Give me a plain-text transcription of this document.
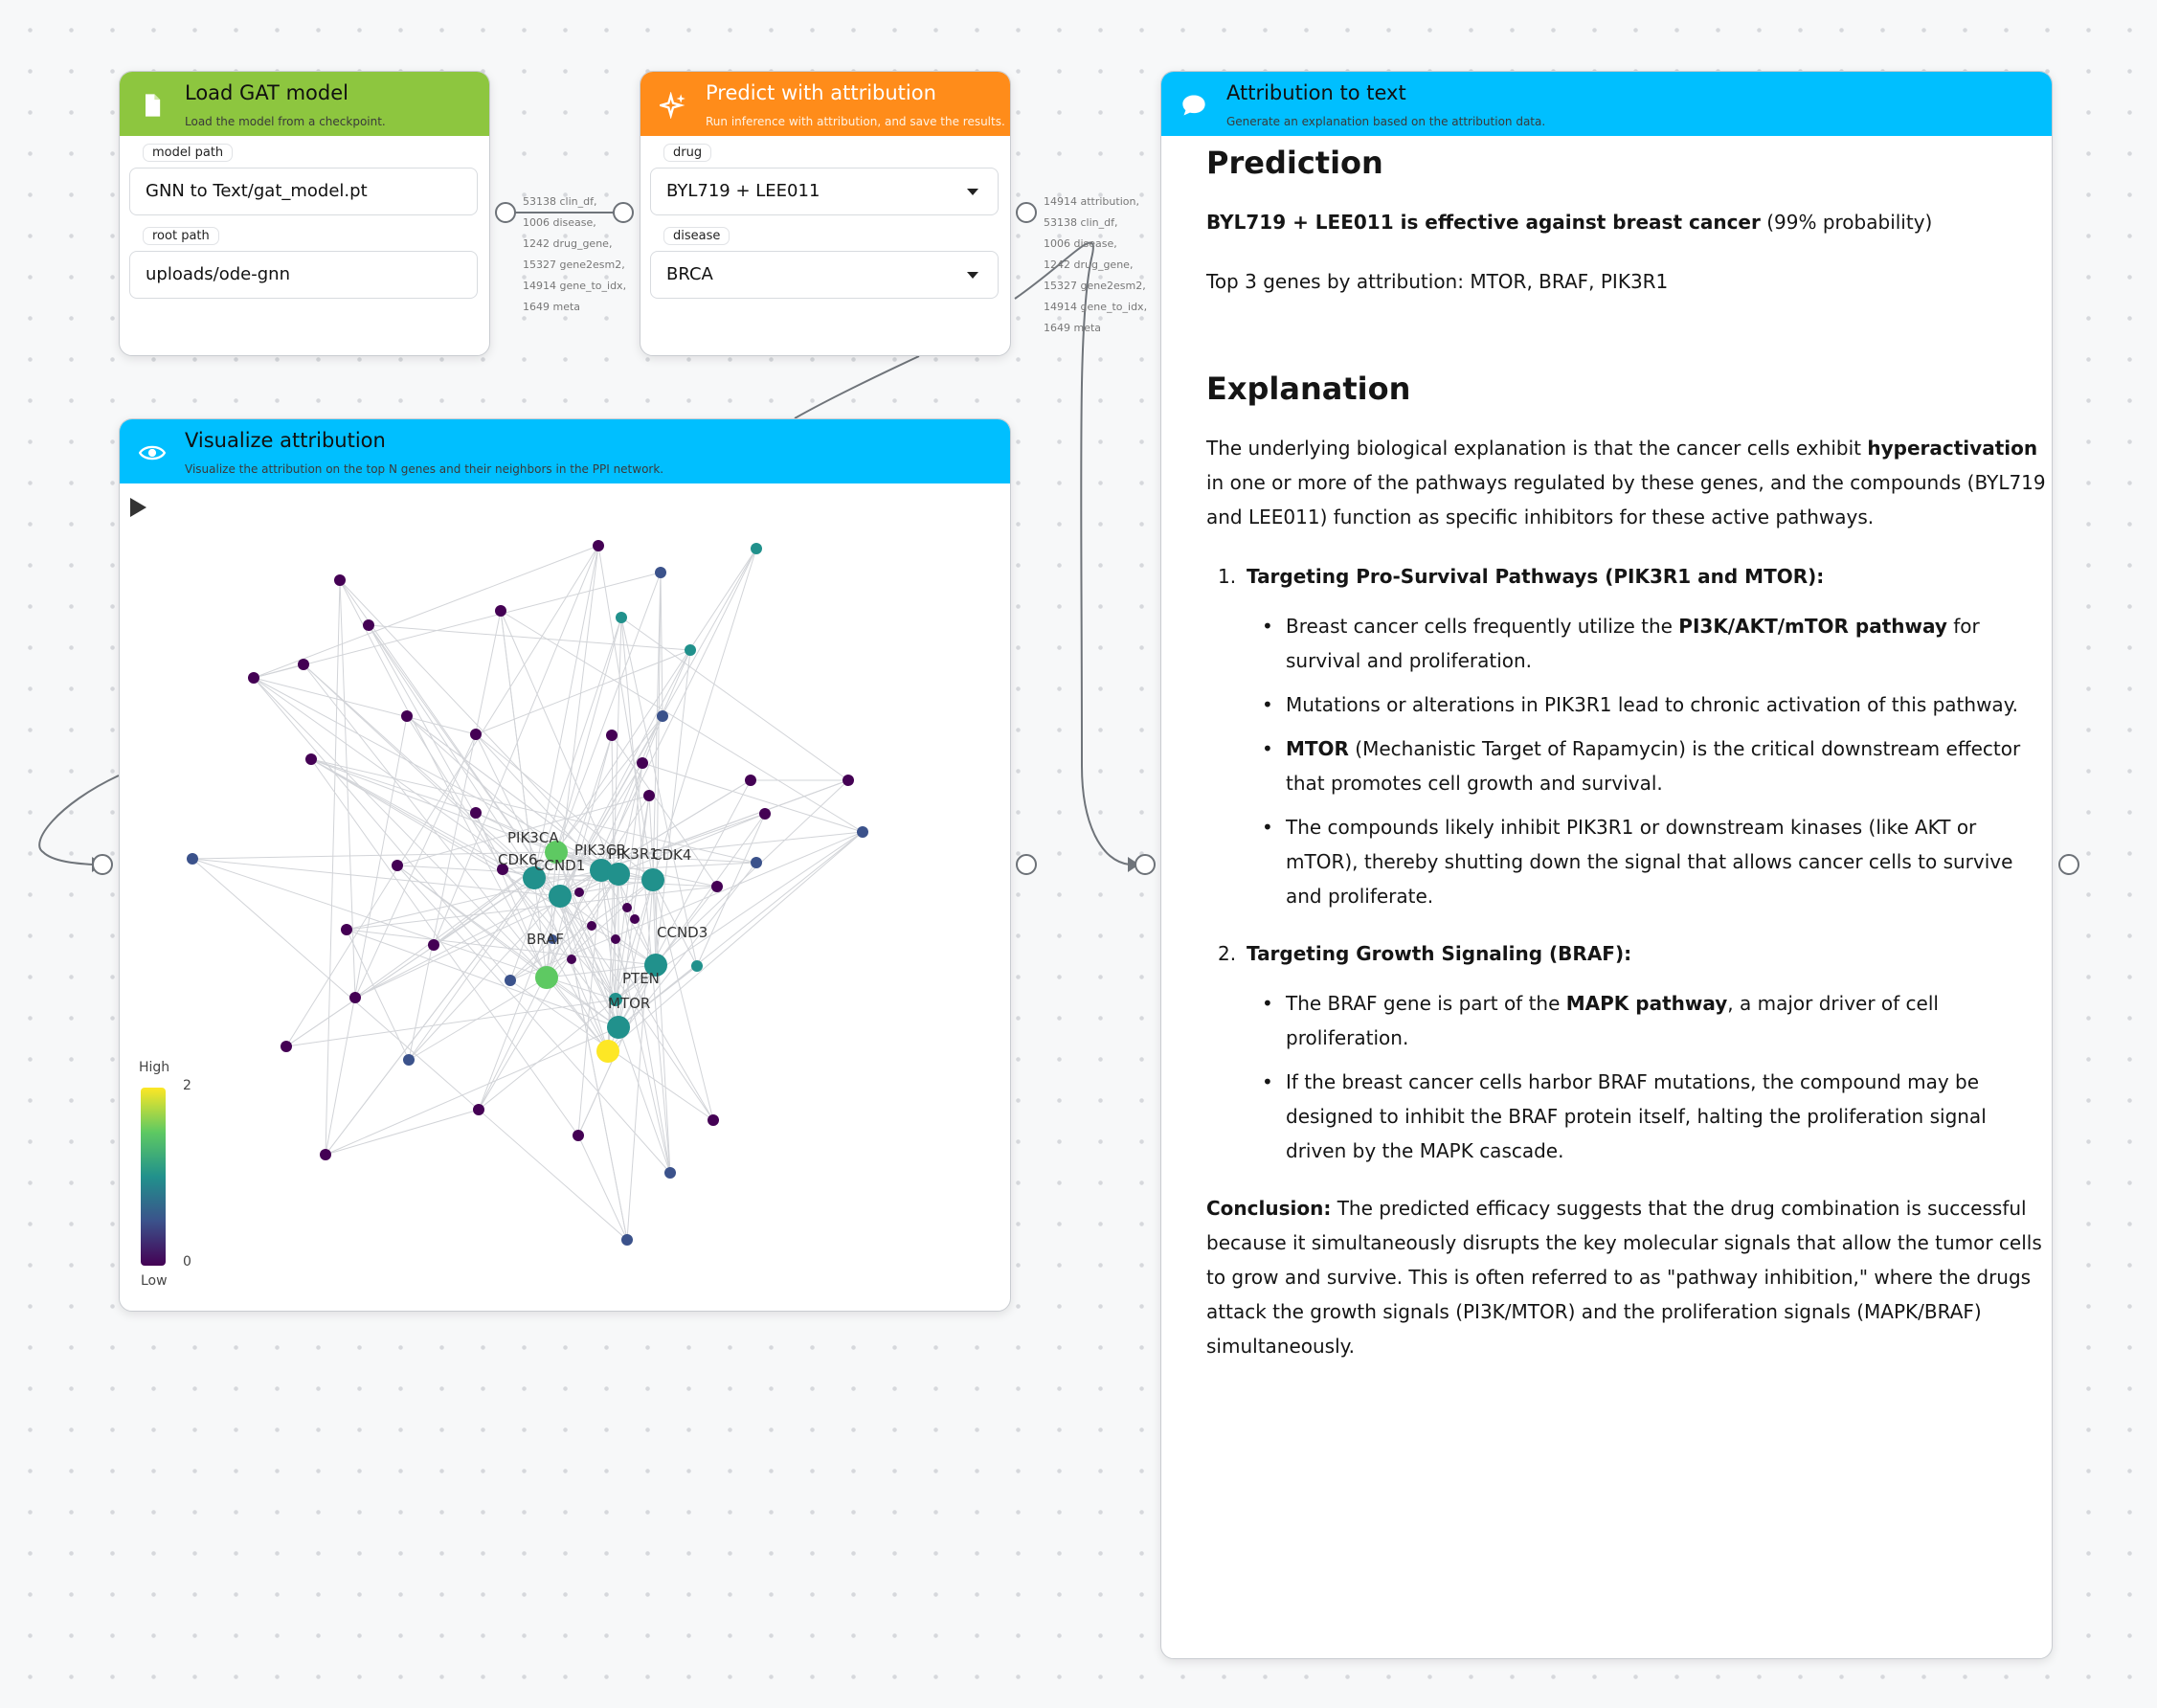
53138 clin_df,
1006 disease,
1242 drug_gene,
15327 gene2esm2,
14914 gene_to_idx,
1649 meta
14914 attribution,
53138 clin_df,
1006 disease,
1242 drug_gene,
15327 gene2esm2,
14914 gene_to_idx,
1649 meta
Load GAT model
Load the model from a checkpoint.
model path
GNN to Text/gat_model.pt
root path
uploads/ode-gnn
Predict with attribution
Run inference with attribution, and save the results.
drug
BYL719 + LEE011
disease
BRCA
Visualize attribution
Visualize the attribution on the top N genes and their neighbors in the PPI network.
PIK3CA
CDK6
PIK3CB
PIK3R1
CCND1
CDK4
BRAF	CCND3
PTEN
MTOR
High
2
0
Low
Attribution to text
Generate an explanation based on the attribution data.
Prediction

BYL719 + LEE011 is effective against breast cancer (99% probability)

Top 3 genes by attribution: MTOR, BRAF, PIK3R1

Explanation

The underlying biological explanation is that the cancer cells exhibit hyperactivation in one or more of the pathways regulated by these genes, and the compounds (BYL719 and LEE011) function as specific inhibitors for these active pathways.

1. Targeting Pro-Survival Pathways (PIK3R1 and MTOR):
• Breast cancer cells frequently utilize the PI3K/AKT/mTOR pathway for survival and proliferation.
• Mutations or alterations in PIK3R1 lead to chronic activation of this pathway.
• MTOR (Mechanistic Target of Rapamycin) is the critical downstream effector that promotes cell growth and survival.
• The compounds likely inhibit PIK3R1 or downstream kinases (like AKT or mTOR), thereby shutting down the signal that allows cancer cells to survive and proliferate.
2. Targeting Growth Signaling (BRAF):
• The BRAF gene is part of the MAPK pathway, a major driver of cell proliferation.
• If the breast cancer cells harbor BRAF mutations, the compound may be designed to inhibit the BRAF protein itself, halting the proliferation signal driven by the MAPK cascade.

Conclusion: The predicted efficacy suggests that the drug combination is successful because it simultaneously disrupts the key molecular signals that allow the tumor cells to grow and survive. This is often referred to as "pathway inhibition," where the drugs attack the growth signals (PI3K/MTOR) and the proliferation signals (MAPK/BRAF) simultaneously.
